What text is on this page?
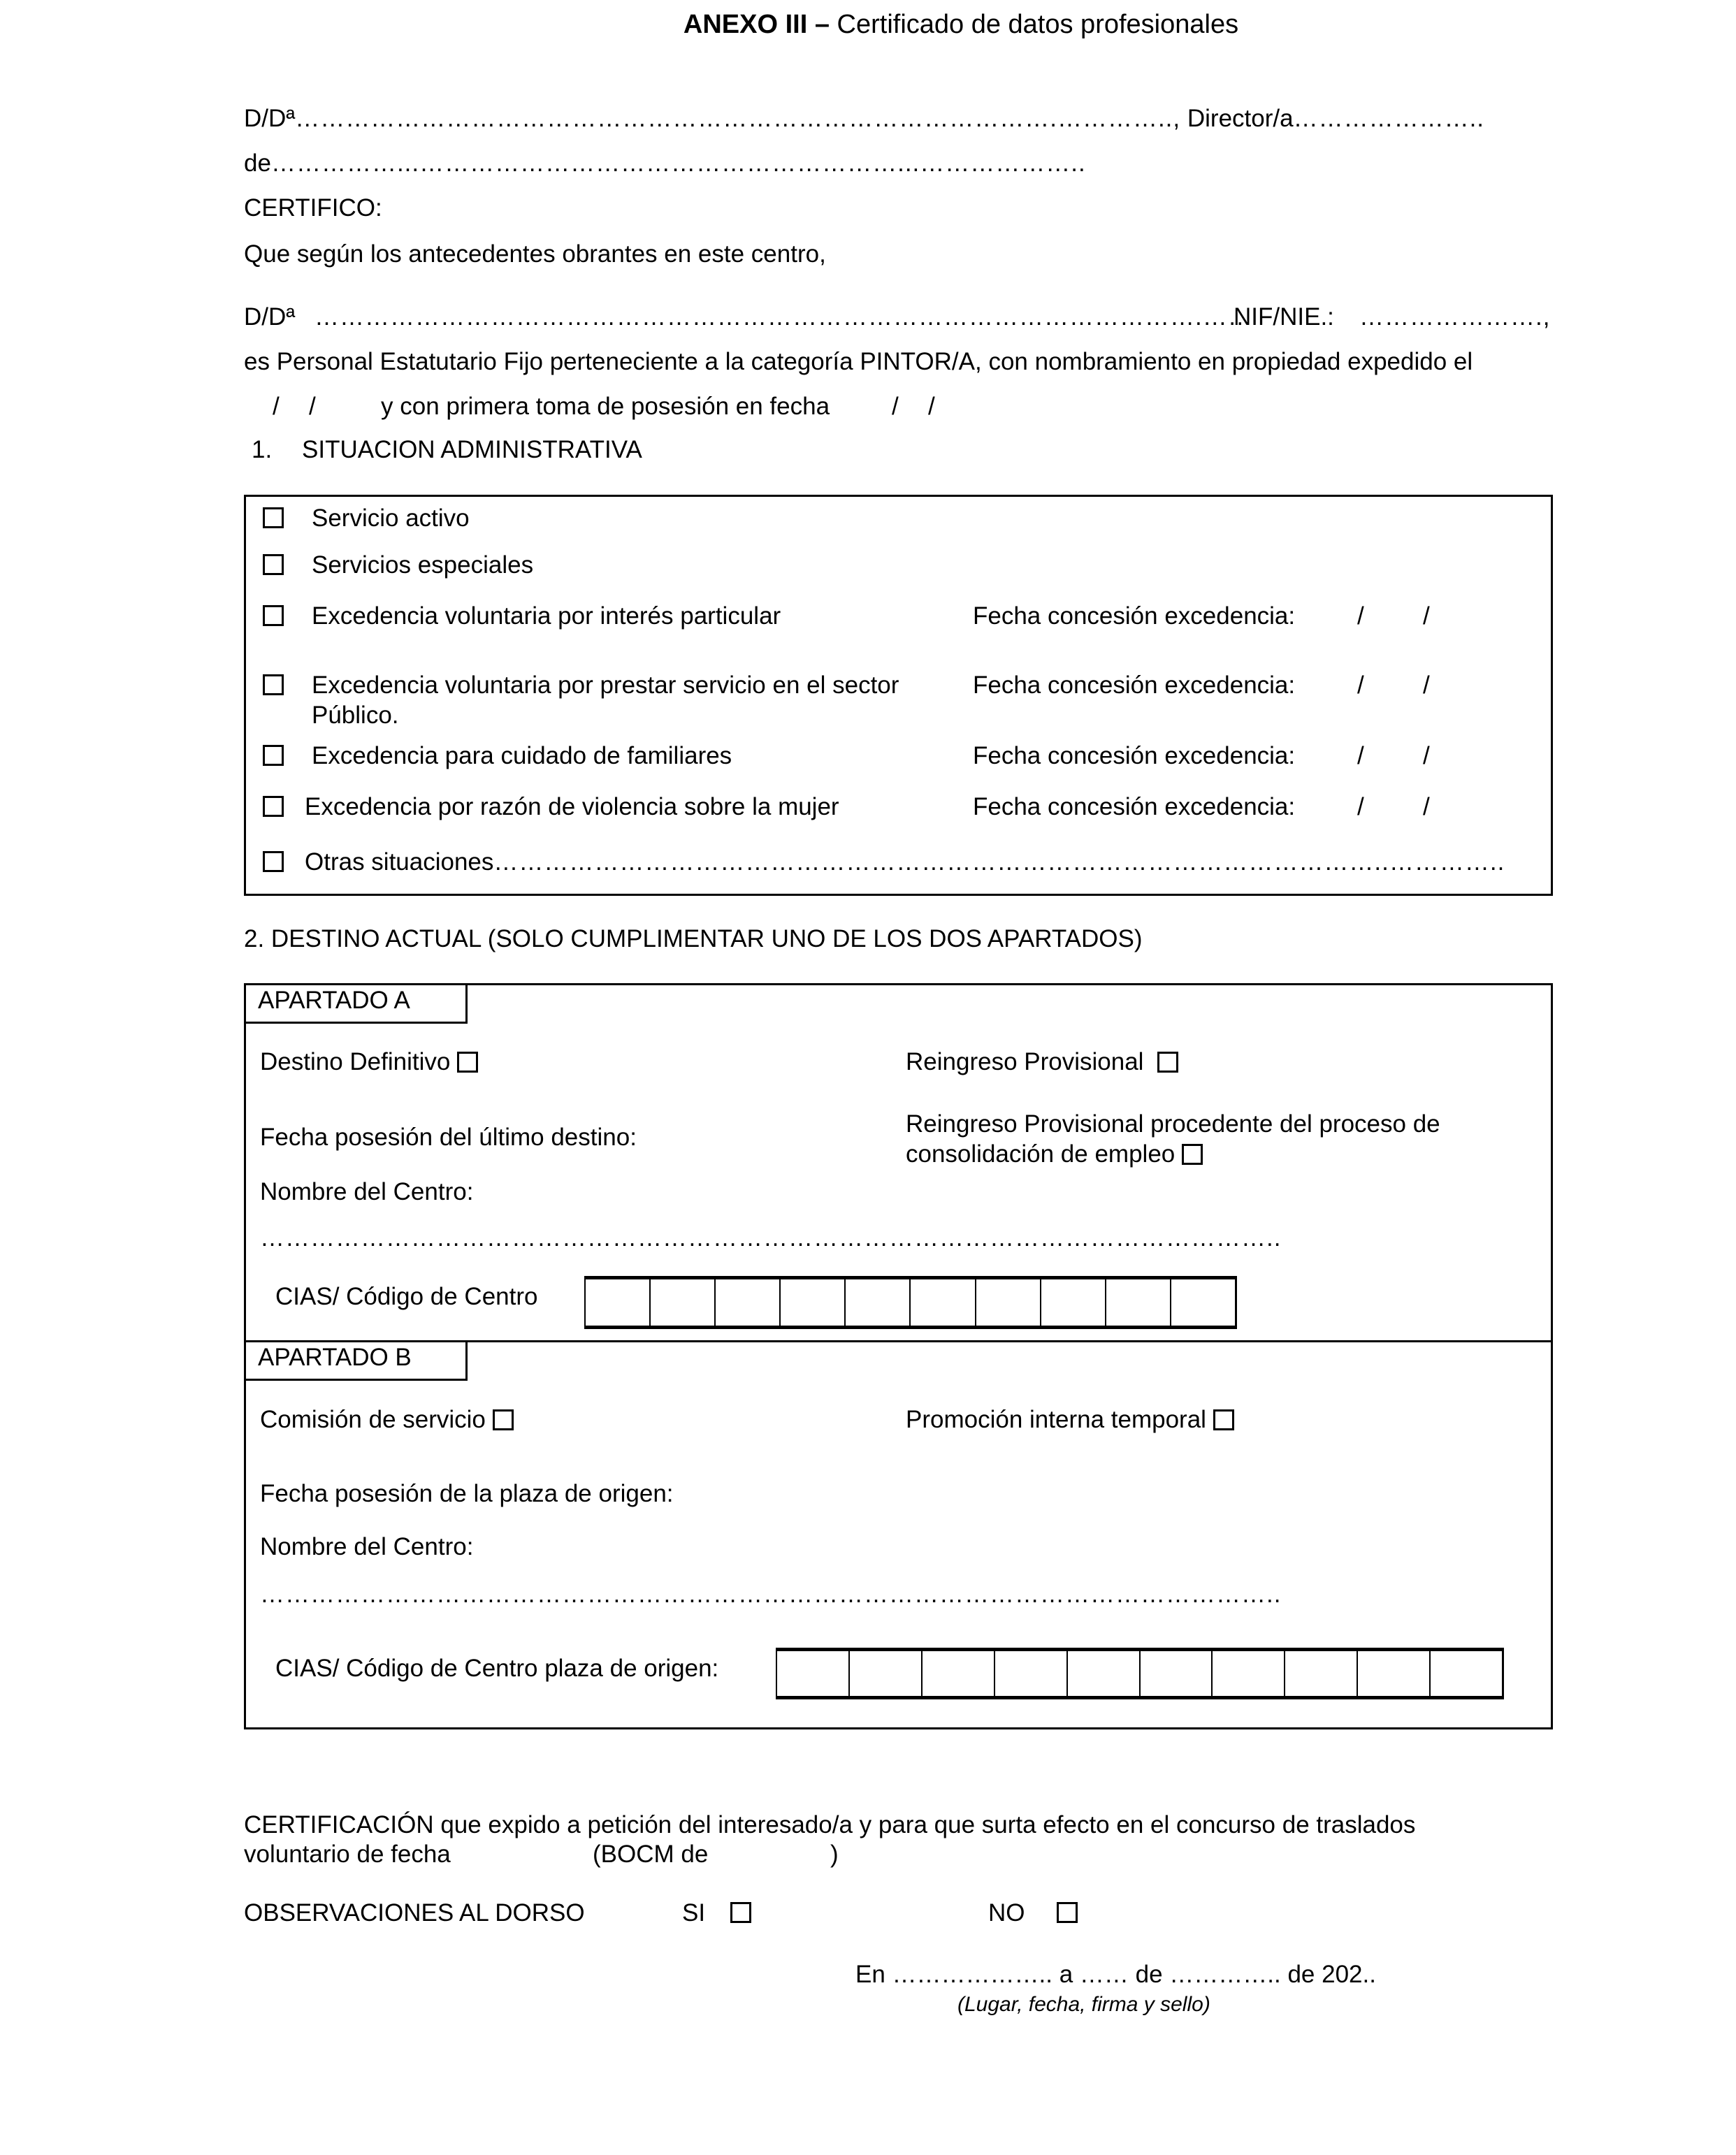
ANEXO III – Certificado de datos profesionales
D/Dª……………………………………………………………………………….………….., Director/a…………………..
de……………...…………………………………………………...………………..
CERTIFICO:
Que según los antecedentes obrantes en este centro,
D/Dª …………………………………………………………………………………………….……
NIF/NIE.: ………………….,
es Personal Estatutario Fijo perteneciente a la categoría PINTOR/A, con nombramiento en propiedad expedido el
/ /	y con primera toma de posesión en fecha	/ /
1. SITUACION ADMINISTRATIVA
Servicio activo
Servicios especiales
Excedencia voluntaria por interés particular	Fecha concesión excedencia:	/ /
Excedencia voluntaria por prestar servicio en el sector
Público.
Fecha concesión excedencia:	/ /
Excedencia para cuidado de familiares	Fecha concesión excedencia:	/ /
Excedencia por razón de violencia sobre la mujer	Fecha concesión excedencia:	/ /
Otras situaciones……………………………………………………………………………………………..…………..
2. DESTINO ACTUAL (SOLO CUMPLIMENTAR UNO DE LOS DOS APARTADOS)
APARTADO A
Destino Definitivo	Reingreso Provisional
Fecha posesión del último destino:	Reingreso Provisional procedente del proceso de
consolidación de empleo
Nombre del Centro:
…………………………………………………………………………………………………………..
CIAS/ Código de Centro
APARTADO B
Comisión de servicio	Promoción interna temporal
Fecha posesión de la plaza de origen:
Nombre del Centro:
…………………………………………………………………………………………………………..
CIAS/ Código de Centro plaza de origen:
CERTIFICACIÓN que expido a petición del interesado/a y para que surta efecto en el concurso de traslados
voluntario de fecha	(BOCM de	)
OBSERVACIONES AL DORSO	SI	NO
En ……………….. a …… de ………….. de 202..
(Lugar, fecha, firma y sello)
